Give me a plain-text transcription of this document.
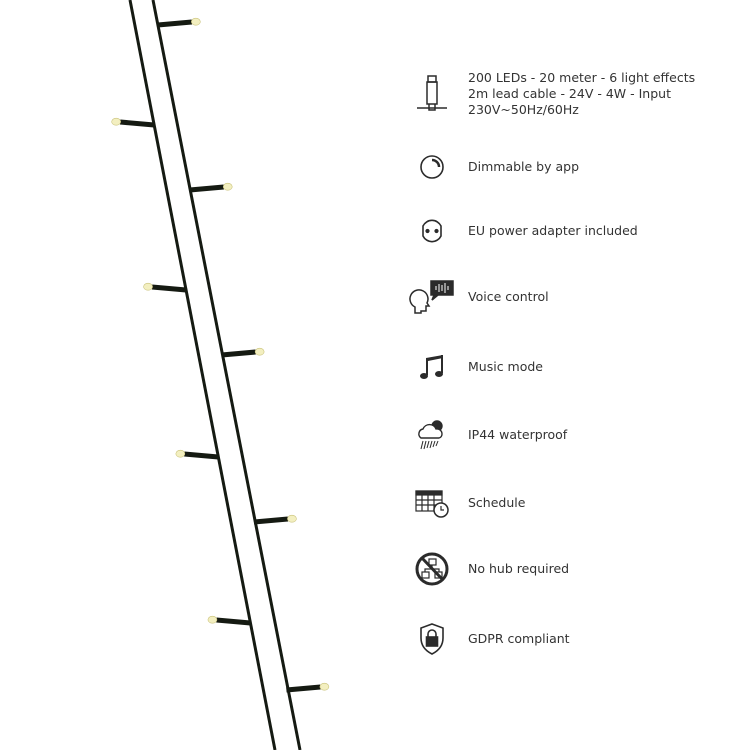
200 LEDs - 20 meter - 6 light effects
2m lead cable - 24V - 4W - Input
230V~50Hz/60Hz
Dimmable by app
EU power adapter included
Voice control
Music mode
IP44 waterproof
Schedule
No hub required
GDPR compliant
